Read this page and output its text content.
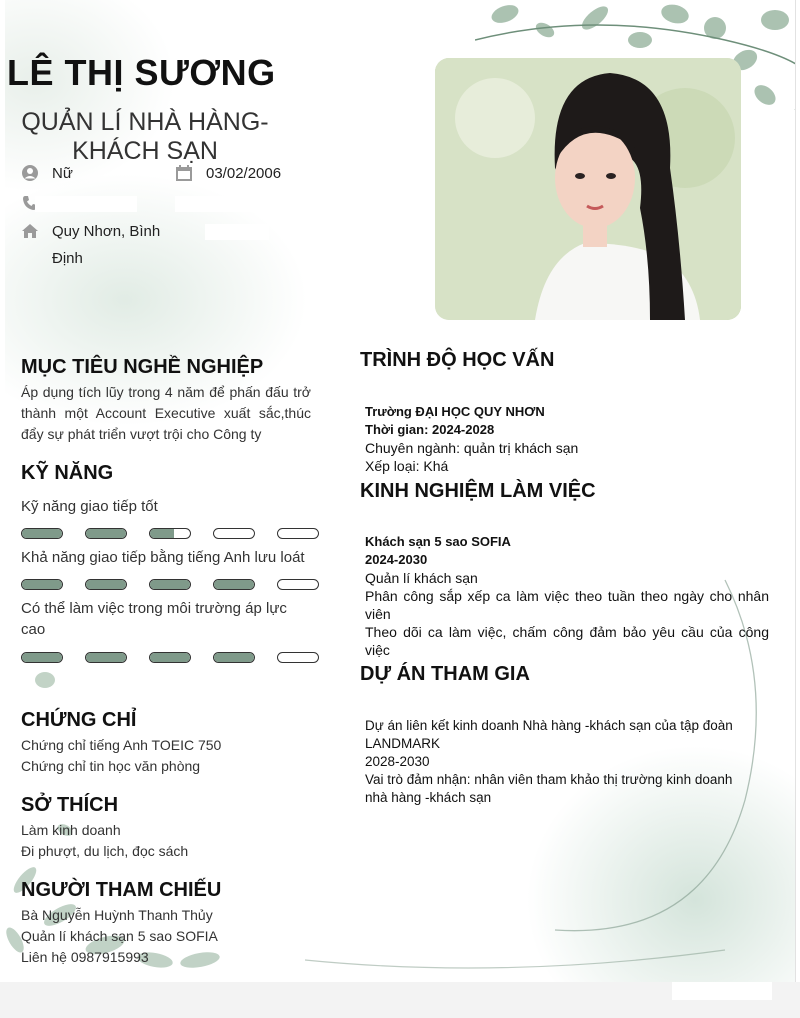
LÊ THỊ SƯƠNG
QUẢN LÍ NHÀ HÀNG-
KHÁCH SẠN
Nữ	03/02/2006
Quy Nhơn, Bình
Định
MỤC TIÊU NGHỀ NGHIỆP
Áp dụng tích lũy trong 4 năm để phấn đấu trở thành một Account Executive xuất sắc,thúc đẩy sự phát triển vượt trội cho Công ty
KỸ NĂNG
Kỹ năng giao tiếp tốt
Khả năng giao tiếp bằng tiếng Anh lưu loát
Có thể làm việc trong môi trường áp lực
cao
CHỨNG CHỈ
Chứng chỉ tiếng Anh TOEIC 750
Chứng chỉ tin học văn phòng
SỞ THÍCH
Làm kinh doanh
Đi phượt, du lịch, đọc sách
NGƯỜI THAM CHIẾU
Bà Nguyễn Huỳnh Thanh Thủy
Quản lí khách sạn 5 sao SOFIA
Liên hệ 0987915993
TRÌNH ĐỘ HỌC VẤN
Trường ĐẠI HỌC QUY NHƠN
Thời gian: 2024-2028
Chuyên ngành: quản trị khách sạn
Xếp loại: Khá
KINH NGHIỆM LÀM VIỆC
Khách sạn 5 sao SOFIA
2024-2030
Quản lí khách sạn
Phân công sắp xếp ca làm việc theo tuần theo ngày cho nhân viên
Theo dõi ca làm việc, chấm công đảm bảo yêu cầu của công việc
DỰ ÁN THAM GIA
Dự án liên kết kinh doanh Nhà hàng -khách sạn của tập đoàn
LANDMARK
2028-2030
Vai trò đảm nhận: nhân viên tham khảo thị trường kinh doanh
nhà hàng -khách sạn
